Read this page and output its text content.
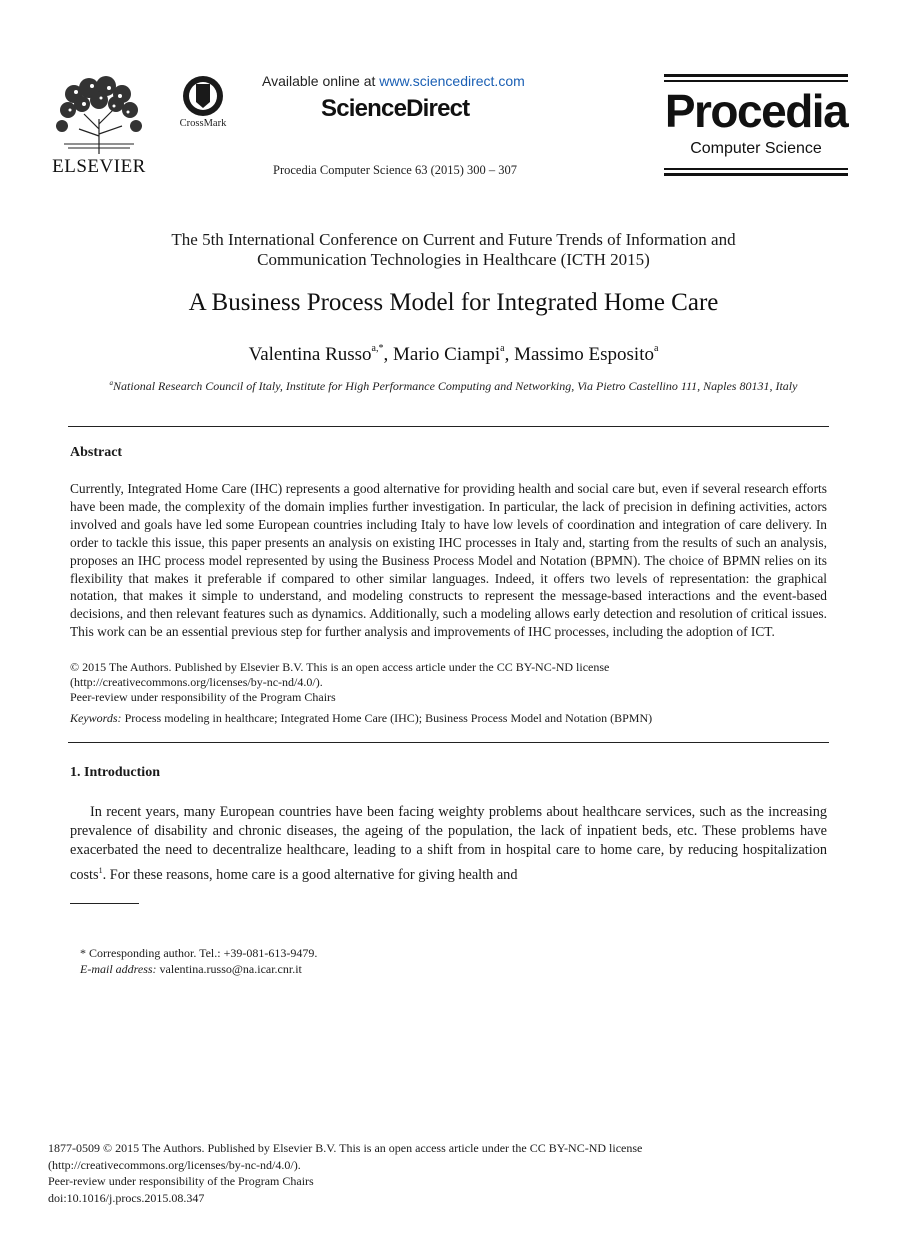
ELSEVIER
CrossMark
Available online at www.sciencedirect.com
ScienceDirect
Procedia Computer Science 63 (2015) 300 – 307
Procedia
Computer Science
The 5th International Conference on Current and Future Trends of Information and
Communication Technologies in Healthcare (ICTH 2015)
A Business Process Model for Integrated Home Care
Valentina Russo$^{a,*}$, Mario Ciampi$^a$, Massimo Esposito$^a$
$^a$National Research Council of Italy, Institute for High Performance Computing and Networking, Via Pietro Castellino 111, Naples 80131, Italy
Abstract
Currently, Integrated Home Care (IHC) represents a good alternative for providing health and social care but, even if several research efforts have been made, the complexity of the domain implies further investigation. In particular, the lack of precision in defining activities, actors involved and goals have led some European countries including Italy to have low levels of coordination and integration of care delivery. In order to tackle this issue, this paper presents an analysis on existing IHC processes in Italy and, starting from the results of such an analysis, proposes an IHC process model represented by using the Business Process Model and Notation (BPMN). The choice of BPMN relies on its flexibility that makes it preferable if compared to other similar languages. Indeed, it offers two levels of representation: the graphical notation, that makes it simple to understand, and modeling constructs to represent the message-based interactions and the event-based decisions, and then relevant features such as dynamics. Additionally, such a modeling allows early detection and resolution of critical issues. This work can be an essential previous step for further analysis and improvements of IHC processes, including the adoption of ICT.
© 2015 The Authors. Published by Elsevier B.V. This is an open access article under the CC BY-NC-ND license
(http://creativecommons.org/licenses/by-nc-nd/4.0/).
Peer-review under responsibility of the Program Chairs
Keywords: Process modeling in healthcare; Integrated Home Care (IHC); Business Process Model and Notation (BPMN)
1. Introduction
In recent years, many European countries have been facing weighty problems about healthcare services, such as the increasing prevalence of disability and chronic diseases, the ageing of the population, the lack of inpatient beds, etc. These problems have exacerbated the need to decentralize healthcare, leading to a shift from in hospital care to home care, by reducing hospitalization costs$^1$. For these reasons, home care is a good alternative for giving health and
* Corresponding author. Tel.: +39-081-613-9479.
E-mail address: valentina.russo@na.icar.cnr.it
1877-0509 © 2015 The Authors. Published by Elsevier B.V. This is an open access article under the CC BY-NC-ND license
(http://creativecommons.org/licenses/by-nc-nd/4.0/).
Peer-review under responsibility of the Program Chairs
doi:10.1016/j.procs.2015.08.347
